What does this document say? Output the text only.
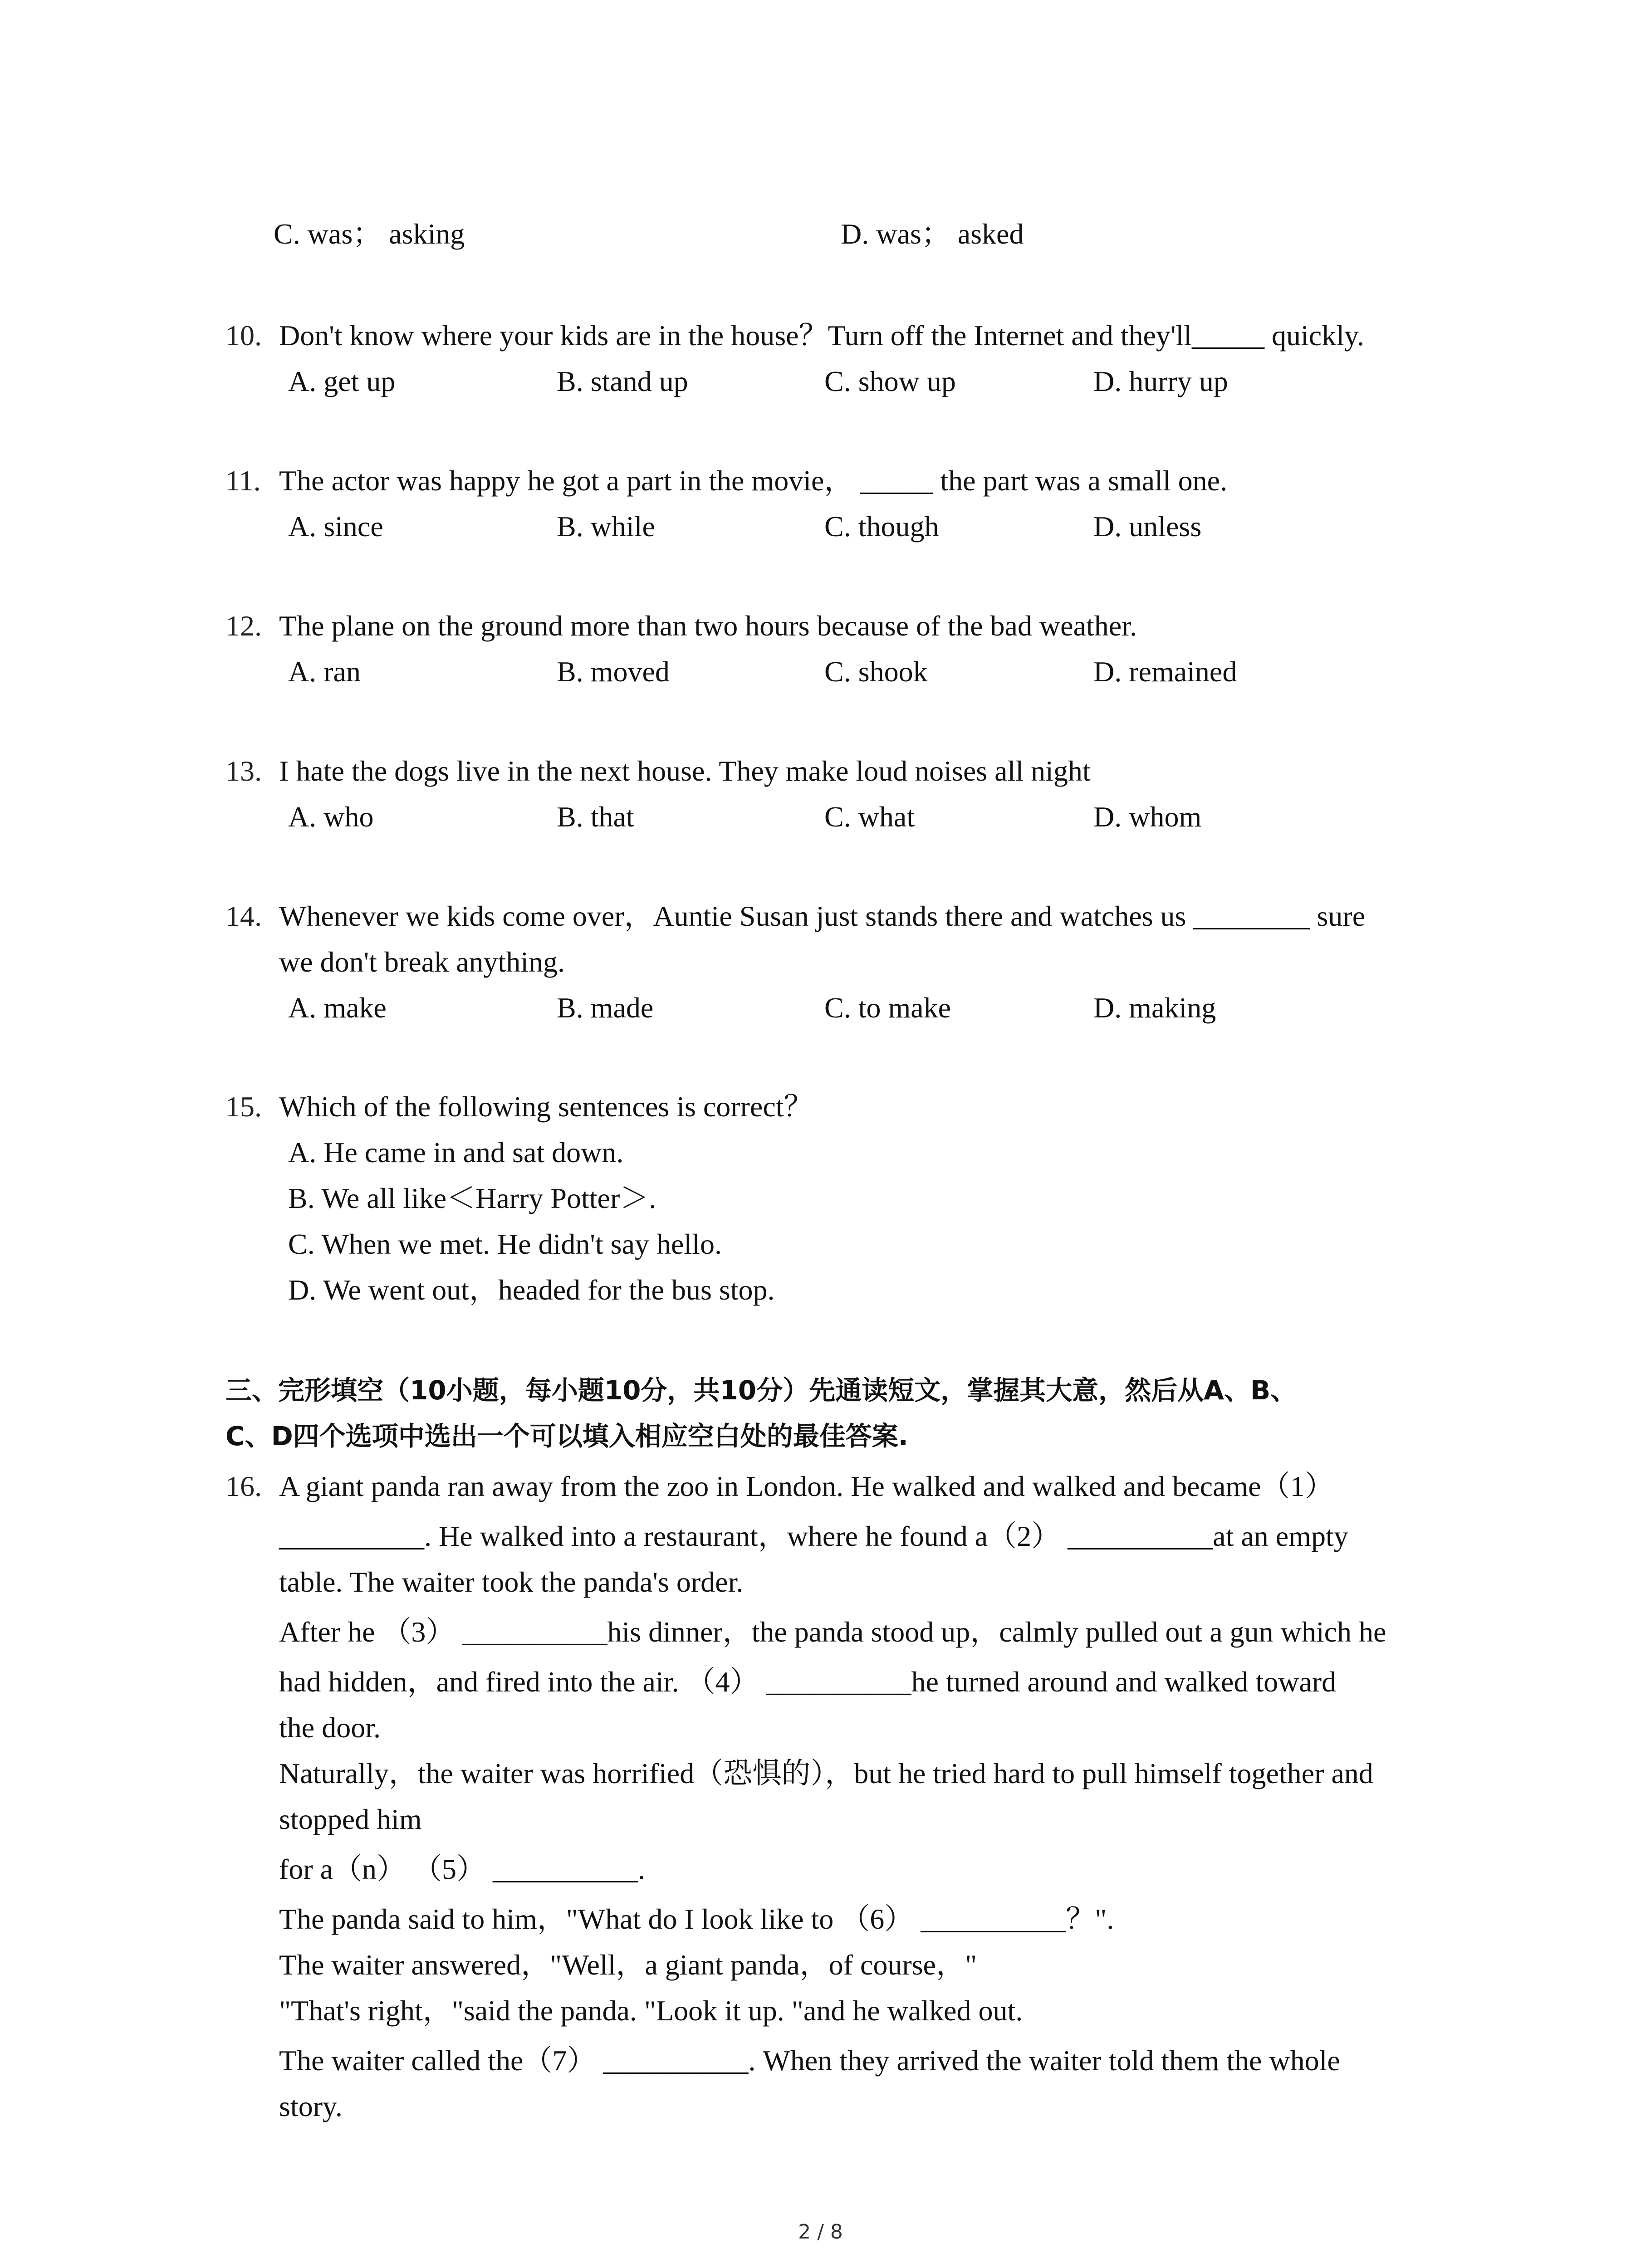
C. was； asking	D. was； asked
10. Don't know where your kids are in the house？Turn off the Internet and they'll_____ quickly.
A. get up	B. stand up	C. show up	D. hurry up
11. The actor was happy he got a part in the movie， _____ the part was a small one.
A. since	B. while	C. though	D. unless
12. The plane on the ground more than two hours because of the bad weather.
A. ran	B. moved	C. shook	D. remained
13. I hate the dogs live in the next house. They make loud noises all night
A. who	B. that	C. what	D. whom
14. Whenever we kids come over，Auntie Susan just stands there and watches us ________ sure
we don't break anything.
A. make	B. made	C. to make	D. making
15. Which of the following sentences is correct？
A. He came in and sat down.
B. We all like＜Harry Potter＞.
C. When we met. He didn't say hello.
D. We went out，headed for the bus stop.
三、完形填空（10小题，每小题10分，共10分）先通读短文，掌握其大意，然后从A、B、
C、D四个选项中选出一个可以填入相应空白处的最佳答案.
16. A giant panda ran away from the zoo in London. He walked and walked and became（1）
__________. He walked into a restaurant，where he found a（2） __________at an empty
table. The waiter took the panda's order.
After he （3） __________his dinner，the panda stood up，calmly pulled out a gun which he
had hidden，and fired into the air. （4） __________he turned around and walked toward
the door.
Naturally，the waiter was horrified（恐惧的），but he tried hard to pull himself together and
stopped him
for a（n） （5） __________.
The panda said to him，"What do I look like to （6） __________？".
The waiter answered，"Well，a giant panda，of course，"
"That's right，"said the panda. "Look it up. "and he walked out.
The waiter called the（7） __________. When they arrived the waiter told them the whole
story.
2 / 8
